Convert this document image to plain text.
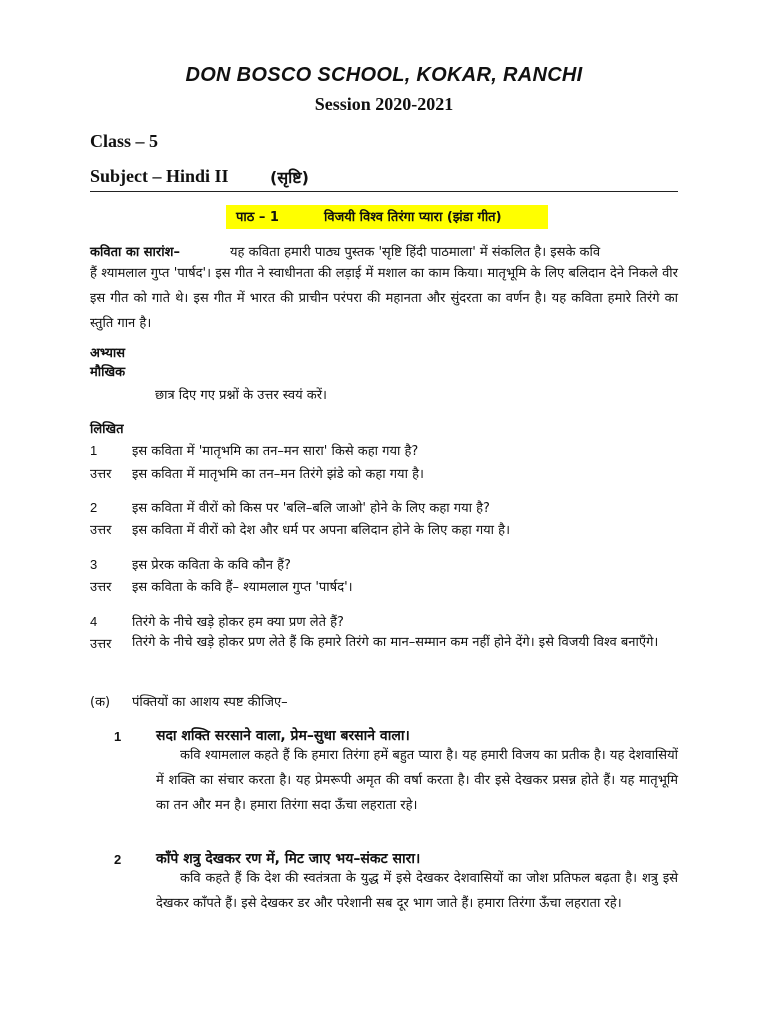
DON BOSCO SCHOOL, KOKAR, RANCHI
Session 2020-2021
Class – 5
Subject – Hindi II	(सृष्टि)
पाठ – 1	विजयी विश्व तिरंगा प्यारा (झंडा गीत)
कविता का सारांश–	यह कविता हमारी पाठ्य पुस्तक 'सृष्टि हिंदी पाठमाला' में संकलित है। इसके कवि
हैं श्यामलाल गुप्त 'पार्षद'। इस गीत ने स्वाधीनता की लड़ाई में मशाल का काम किया। मातृभूमि के लिए बलिदान देने निकले वीर इस गीत को गाते थे। इस गीत में भारत की प्राचीन परंपरा की महानता और सुंदरता का वर्णन है। यह कविता हमारे तिरंगे का स्तुति गान है।
अभ्यास
मौखिक
छात्र दिए गए प्रश्नों के उत्तर स्वयं करें।
लिखित
1	इस कविता में 'मातृभमि का तन–मन सारा' किसे कहा गया है?
उत्तर इस कविता में मातृभमि का तन–मन तिरंगे झंडे को कहा गया है।
2	इस कविता में वीरों को किस पर 'बलि–बलि जाओ' होने के लिए कहा गया है?
उत्तर इस कविता में वीरों को देश और धर्म पर अपना बलिदान होने के लिए कहा गया है।
3	इस प्रेरक कविता के कवि कौन हैं?
उत्तर इस कविता के कवि हैं– श्यामलाल गुप्त 'पार्षद'।
4	तिरंगे के नीचे खड़े होकर हम क्या प्रण लेते हैं?
उत्तर तिरंगे के नीचे खड़े होकर प्रण लेते हैं कि हमारे तिरंगे का मान–सम्मान कम नहीं होने देंगे। इसे विजयी विश्व बनाएँगे।
(क) पंक्तियों का आशय स्पष्ट कीजिए–
1 सदा शक्ति सरसाने वाला, प्रेम–सुधा बरसाने वाला।
कवि श्यामलाल कहते हैं कि हमारा तिरंगा हमें बहुत प्यारा है। यह हमारी विजय का प्रतीक है। यह देशवासियों में शक्ति का संचार करता है। यह प्रेमरूपी अमृत की वर्षा करता है। वीर इसे देखकर प्रसन्न होते हैं। यह मातृभूमि का तन और मन है। हमारा तिरंगा सदा ऊँचा लहराता रहे।
2 काँपे शत्रु देखकर रण में, मिट जाए भय–संकट सारा।
कवि कहते हैं कि देश की स्वतंत्रता के युद्ध में इसे देखकर देशवासियों का जोश प्रतिफल बढ़ता है। शत्रु इसे देखकर काँपते हैं। इसे देखकर डर और परेशानी सब दूर भाग जाते हैं। हमारा तिरंगा ऊँचा लहराता रहे।
